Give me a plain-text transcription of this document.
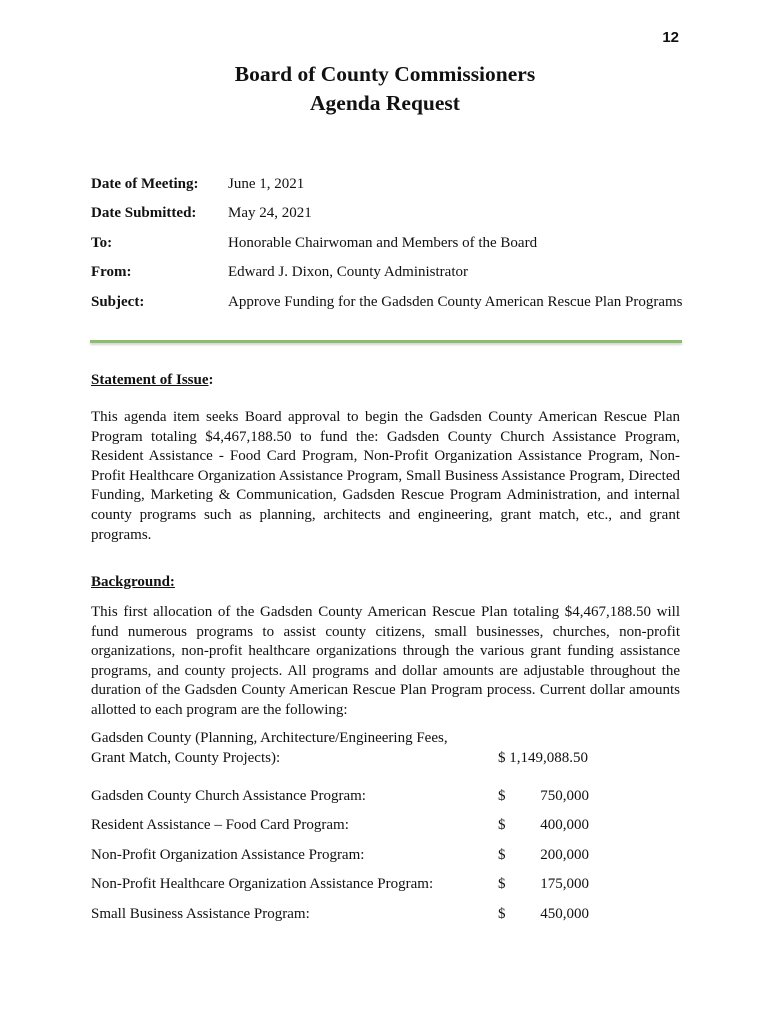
12
Board of County Commissioners
Agenda Request
Date of Meeting: June 1, 2021
Date Submitted: May 24, 2021
To:	Honorable Chairwoman and Members of the Board
From:	Edward J. Dixon, County Administrator
Subject:	Approve Funding for the Gadsden County American Rescue Plan Programs
Statement of Issue:

This agenda item seeks Board approval to begin the Gadsden County American Rescue Plan Program totaling $4,467,188.50 to fund the: Gadsden County Church Assistance Program, Resident Assistance - Food Card Program, Non-Profit Organization Assistance Program, Non-Profit Healthcare Organization Assistance Program, Small Business Assistance Program, Directed Funding, Marketing & Communication, Gadsden Rescue Program Administration, and internal county programs such as planning, architects and engineering, grant match, etc., and grant programs.

Background:

This first allocation of the Gadsden County American Rescue Plan totaling $4,467,188.50 will fund numerous programs to assist county citizens, small businesses, churches, non-profit organizations, non-profit healthcare organizations through the various grant funding assistance programs, and county projects. All programs and dollar amounts are adjustable throughout the duration of the Gadsden County American Rescue Plan Program process. Current dollar amounts allotted to each program are the following:

Gadsden County (Planning, Architecture/Engineering Fees, Grant Match, County Projects):	$ 1,149,088.50
Gadsden County Church Assistance Program:	$ 750,000
Resident Assistance – Food Card Program:	$ 400,000
Non-Profit Organization Assistance Program:	$ 200,000
Non-Profit Healthcare Organization Assistance Program:	$ 175,000
Small Business Assistance Program:	$ 450,000
